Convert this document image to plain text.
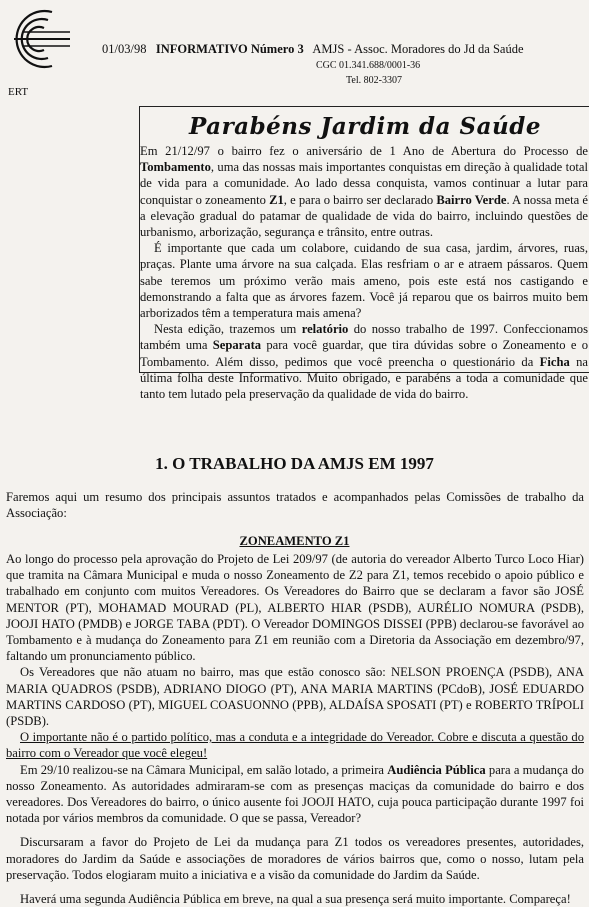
01/03/98 INFORMATIVO Número 3 AMJS - Assoc. Moradores do Jd da Saúde
CGC 01.341.688/0001-36
Tel. 802-3307
ERT
Parabéns Jardim da Saúde

Em 21/12/97 o bairro fez o aniversário de 1 Ano de Abertura do Processo de Tombamento, uma das nossas mais importantes conquistas em direção à qualidade total de vida para a comunidade. Ao lado dessa conquista, vamos continuar a lutar para conquistar o zoneamento Z1, e para o bairro ser declarado Bairro Verde. A nossa meta é a elevação gradual do patamar de qualidade de vida do bairro, incluindo questões de urbanismo, arborização, segurança e trânsito, entre outras.

É importante que cada um colabore, cuidando de sua casa, jardim, árvores, ruas, praças. Plante uma árvore na sua calçada. Elas resfriam o ar e atraem pássaros. Quem sabe teremos um próximo verão mais ameno, pois este está nos castigando e demonstrando a falta que as árvores fazem. Você já reparou que os bairros muito bem arborizados têm a temperatura mais amena?

Nesta edição, trazemos um relatório do nosso trabalho de 1997. Confeccionamos também uma Separata para você guardar, que tira dúvidas sobre o Zoneamento e o Tombamento. Além disso, pedimos que você preencha o questionário da Ficha na última folha deste Informativo. Muito obrigado, e parabéns a toda a comunidade que tanto tem lutado pela preservação da qualidade de vida do bairro.

1. O TRABALHO DA AMJS EM 1997
Faremos aqui um resumo dos principais assuntos tratados e acompanhados pelas Comissões de trabalho da Associação:
ZONEAMENTO Z1

Ao longo do processo pela aprovação do Projeto de Lei 209/97 (de autoria do vereador Alberto Turco Loco Hiar) que tramita na Câmara Municipal e muda o nosso Zoneamento de Z2 para Z1, temos recebido o apoio público e trabalhado em conjunto com muitos Vereadores. Os Vereadores do Bairro que se declaram a favor são JOSÉ MENTOR (PT), MOHAMAD MOURAD (PL), ALBERTO HIAR (PSDB), AURÉLIO NOMURA (PSDB), JOOJI HATO (PMDB) e JORGE TABA (PDT). O Vereador DOMINGOS DISSEI (PPB) declarou-se favorável ao Tombamento e à mudança do Zoneamento para Z1 em reunião com a Diretoria da Associação em dezembro/97, faltando um pronunciamento público.

Os Vereadores que não atuam no bairro, mas que estão conosco são: NELSON PROENÇA (PSDB), ANA MARIA QUADROS (PSDB), ADRIANO DIOGO (PT), ANA MARIA MARTINS (PCdoB), JOSÉ EDUARDO MARTINS CARDOSO (PT), MIGUEL COASUONNO (PPB), ALDAÍSA SPOSATI (PT) e ROBERTO TRÍPOLI (PSDB).

O importante não é o partido político, mas a conduta e a integridade do Vereador. Cobre e discuta a questão do bairro com o Vereador que você elegeu!

Em 29/10 realizou-se na Câmara Municipal, em salão lotado, a primeira Audiência Pública para a mudança do nosso Zoneamento. As autoridades admiraram-se com as presenças maciças da comunidade do bairro e dos vereadores. Dos Vereadores do bairro, o único ausente foi JOOJI HATO, cuja pouca participação durante 1997 foi notada por vários membros da comunidade. O que se passa, Vereador?

Discursaram a favor do Projeto de Lei da mudança para Z1 todos os vereadores presentes, autoridades, moradores do Jardim da Saúde e associações de moradores de vários bairros que, como o nosso, lutam pela preservação. Todos elogiaram muito a iniciativa e a visão da comunidade do Jardim da Saúde.

Haverá uma segunda Audiência Pública em breve, na qual a sua presença será muito importante. Compareça!
